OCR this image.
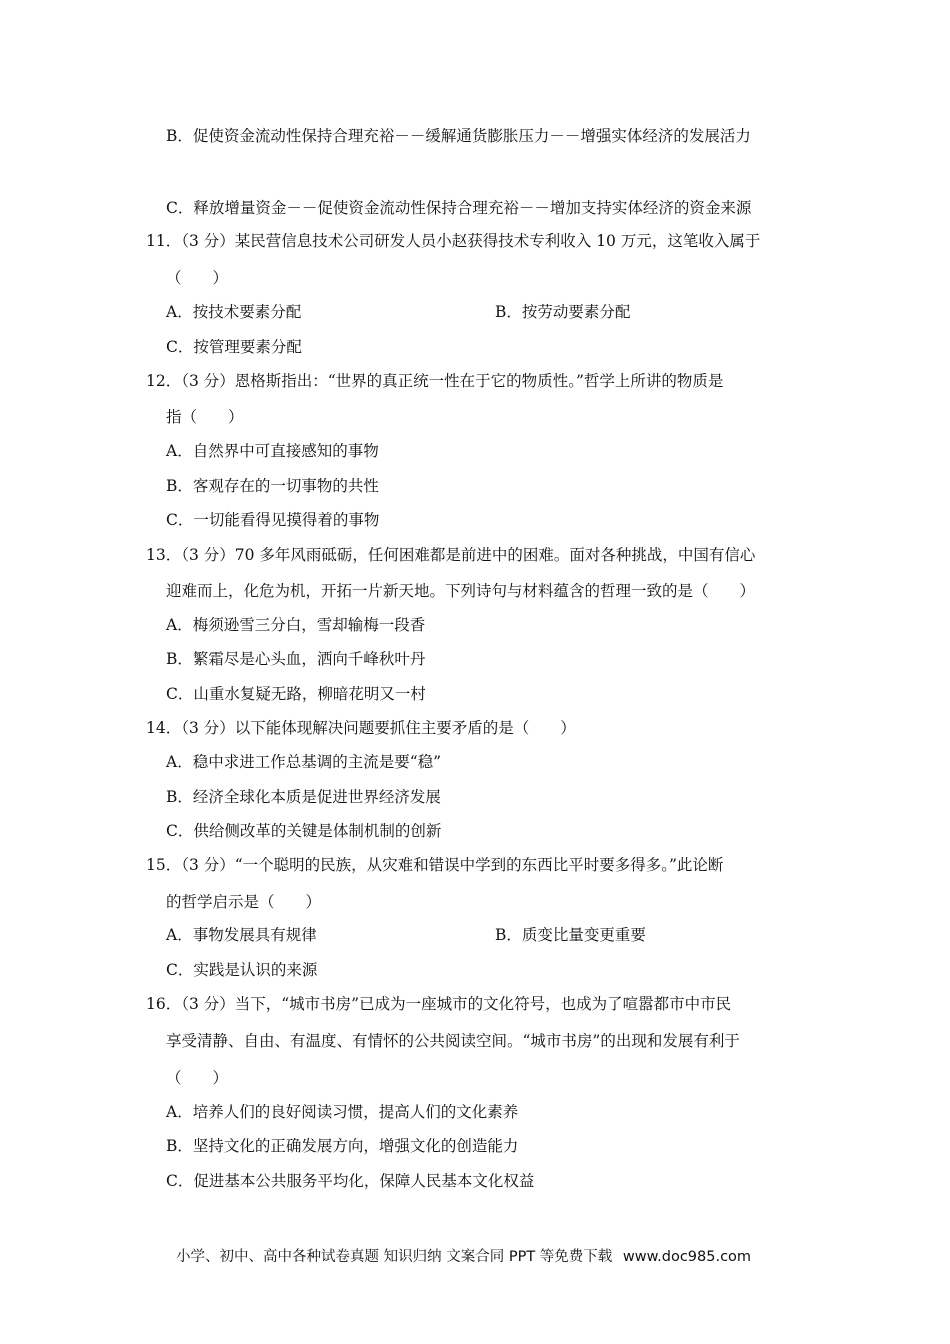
B．促使资金流动性保持合理充裕－－缓解通货膨胀压力－－增强实体经济的发展活力
C．释放增量资金－－促使资金流动性保持合理充裕－－增加支持实体经济的资金来源
11．（3 分）某民营信息技术公司研发人员小赵获得技术专利收入 10 万元，这笔收入属于
（　　）
A．按技术要素分配	B．按劳动要素分配
C．按管理要素分配
12．（3 分）恩格斯指出：“世界的真正统一性在于它的物质性。”哲学上所讲的物质是
指（　　）
A．自然界中可直接感知的事物
B．客观存在的一切事物的共性
C．一切能看得见摸得着的事物
13．（3 分）70 多年风雨砥砺，任何困难都是前进中的困难。面对各种挑战，中国有信心
迎难而上，化危为机，开拓一片新天地。下列诗句与材料蕴含的哲理一致的是（　　）
A．梅须逊雪三分白，雪却输梅一段香
B．繁霜尽是心头血，洒向千峰秋叶丹
C．山重水复疑无路，柳暗花明又一村
14．（3 分）以下能体现解决问题要抓住主要矛盾的是（　　）
A．稳中求进工作总基调的主流是要“稳”
B．经济全球化本质是促进世界经济发展
C．供给侧改革的关键是体制机制的创新
15．（3 分）“一个聪明的民族，从灾难和错误中学到的东西比平时要多得多。”此论断
的哲学启示是（　　）
A．事物发展具有规律	B．质变比量变更重要
C．实践是认识的来源
16．（3 分）当下，“城市书房”已成为一座城市的文化符号，也成为了喧嚣都市中市民
享受清静、自由、有温度、有情怀的公共阅读空间。“城市书房”的出现和发展有利于
（　　）
A．培养人们的良好阅读习惯，提高人们的文化素养
B．坚持文化的正确发展方向，增强文化的创造能力
C．促进基本公共服务平均化，保障人民基本文化权益
小学、初中、高中各种试卷真题 知识归纳 文案合同 PPT 等免费下载 www.doc985.com
